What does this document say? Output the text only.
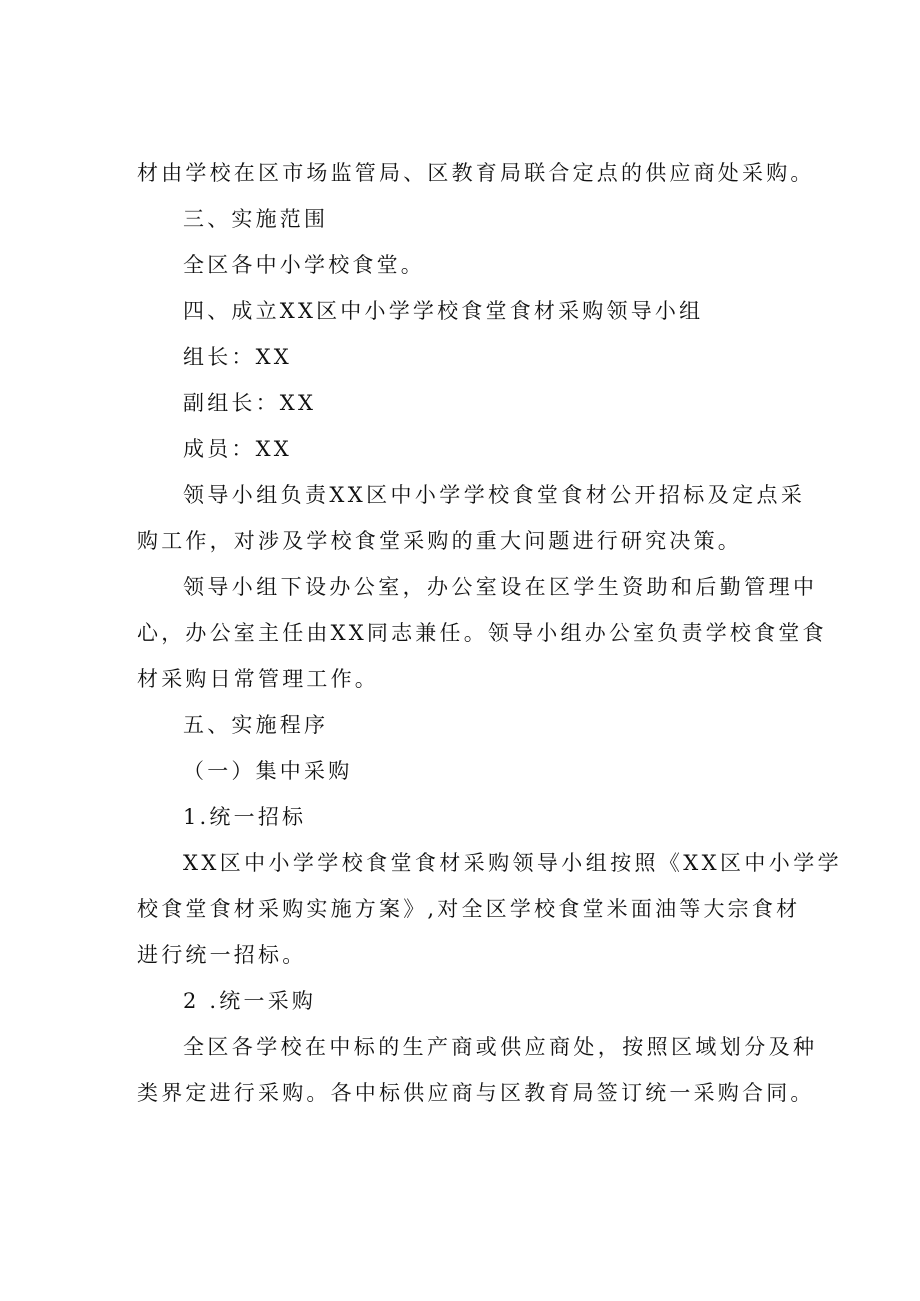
材由学校在区市场监管局、区教育局联合定点的供应商处采购。
三、实施范围
全区各中小学校食堂。
四、成立XX区中小学学校食堂食材采购领导小组
组长：XX
副组长：XX
成员：XX
领导小组负责XX区中小学学校食堂食材公开招标及定点采
购工作，对涉及学校食堂采购的重大问题进行研究决策。
领导小组下设办公室，办公室设在区学生资助和后勤管理中
心，办公室主任由XX同志兼任。领导小组办公室负责学校食堂食
材采购日常管理工作。
五、实施程序
（一）集中采购
1.统一招标
XX区中小学学校食堂食材采购领导小组按照《XX区中小学学
校食堂食材采购实施方案》,对全区学校食堂米面油等大宗食材
进行统一招标。
2 .统一采购
全区各学校在中标的生产商或供应商处，按照区域划分及种
类界定进行采购。各中标供应商与区教育局签订统一采购合同。
